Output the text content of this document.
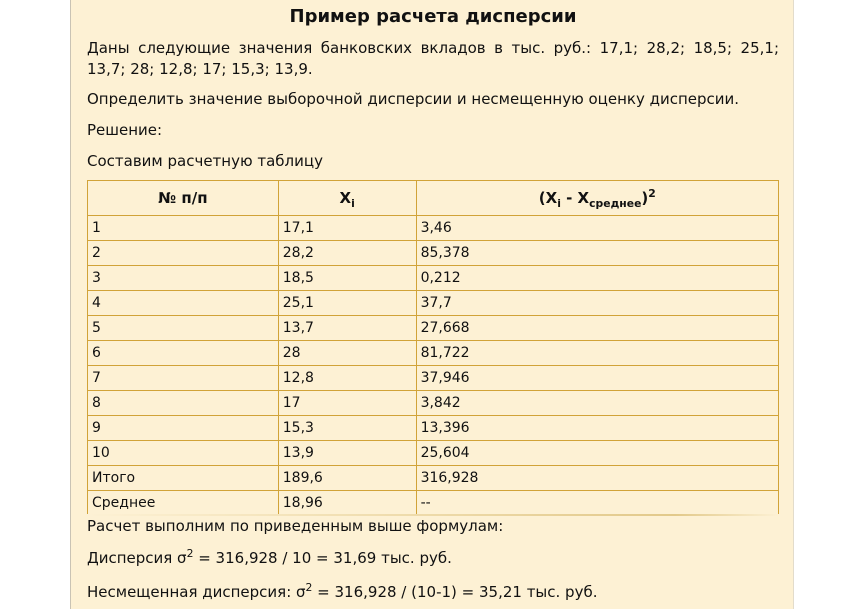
Пример расчета дисперсии

Даны следующие значения банковских вкладов в тыс. руб.: 17,1; 28,2; 18,5; 25,1; 13,7; 28; 12,8; 17; 15,3; 13,9.

Определить значение выборочной дисперсии и несмещенную оценку дисперсии.

Решение:

Составим расчетную таблицу

№ п/п	$X_i$	$(X_i - X_{среднее})^2$
1	17,1	3,46
2	28,2	85,378
3	18,5	0,212
4	25,1	37,7
5	13,7	27,668
6	28	81,722
7	12,8	37,946
8	17	3,842
9	15,3	13,396
10	13,9	25,604
Итого	189,6	316,928
Среднее	18,96	--

Расчет выполним по приведенным выше формулам:

Дисперсия $\sigma^2 = 316,928 / 10 = 31,69$ тыс. руб.

Несмещенная дисперсия: $\sigma^2 = 316,928 / (10-1) = 35,21$ тыс. руб.
